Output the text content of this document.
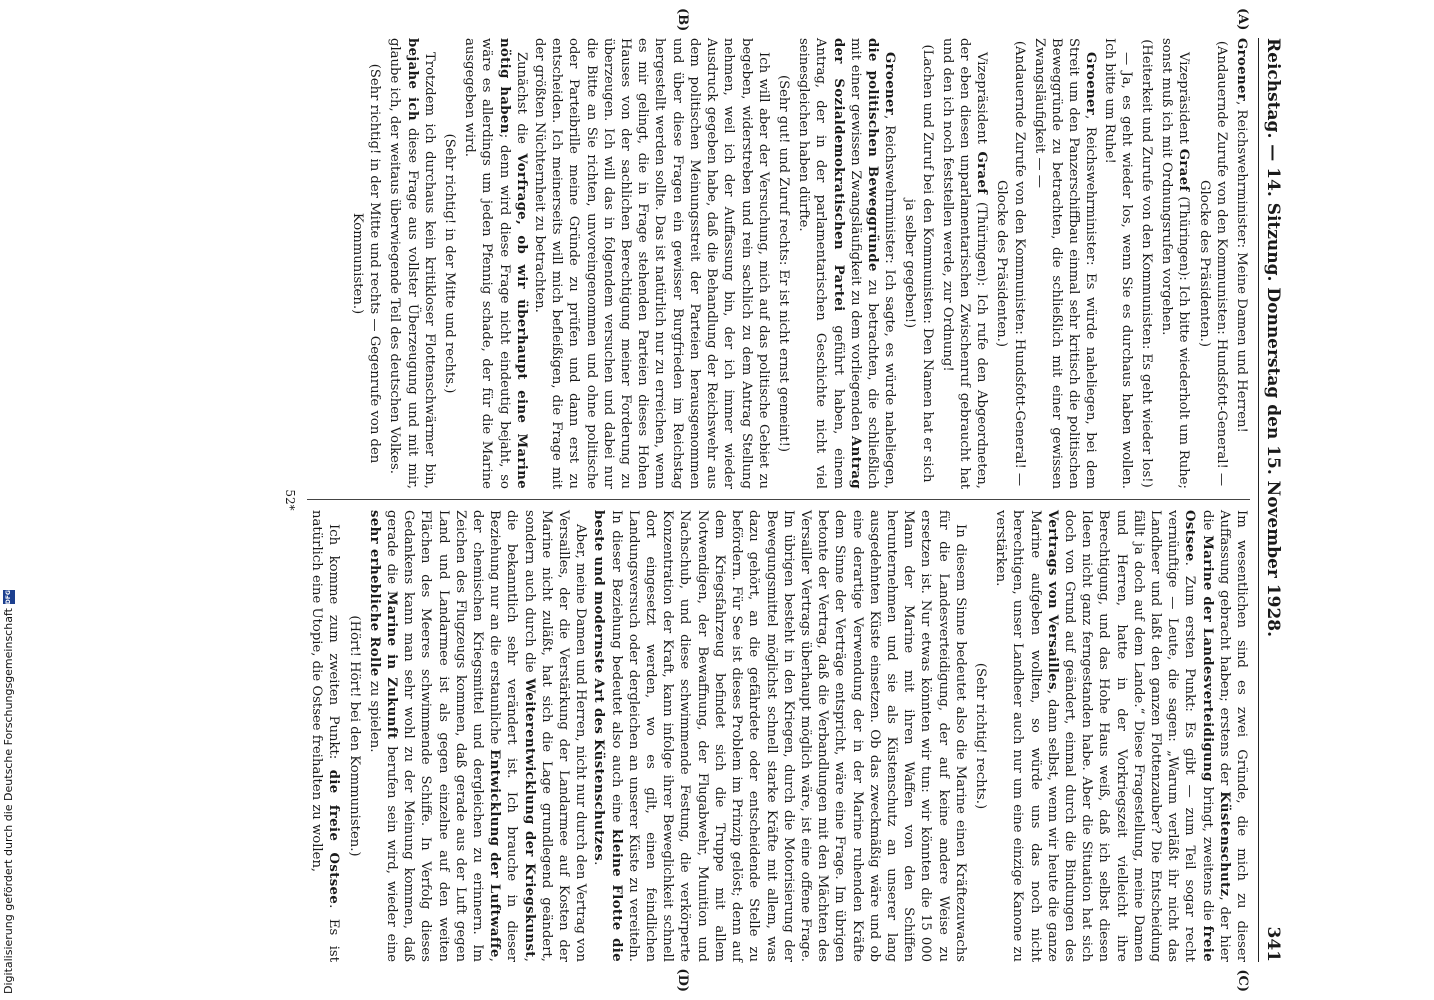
Reichstag. — 14. Sitzung. Donnerstag den 15. November 1928.
341
(A)
(B)
(C)
(D)

Groener, Reichswehrminister: Meine Damen und Herren!

(Andauernde Zurufe von den Kommunisten: Hundsfott-General! — Glocke des Präsidenten.)

Vizepräsident Graef (Thüringen): Ich bitte wiederholt um Ruhe; sonst muß ich mit Ordnungsrufen vorgehen.

(Heiterkeit und Zurufe von den Kommunisten: Es geht wieder los!)

— Ja, es geht wieder los, wenn Sie es durchaus haben wollen. Ich bitte um Ruhe!

Groener, Reichswehrminister: Es würde naheliegen, bei dem Streit um den Panzerschiffbau einmal sehr kritisch die politischen Beweggründe zu betrachten, die schließlich mit einer gewissen Zwangsläufigkeit — —

(Andauernde Zurufe von den Kommunisten: Hundsfott-General! — Glocke des Präsidenten.)

Vizepräsident Graef (Thüringen): Ich rufe den Abgeordneten, der eben diesen unparlamentarischen Zwischenruf gebraucht hat und den ich noch feststellen werde, zur Ordnung!

(Lachen und Zuruf bei den Kommunisten: Den Namen hat er sich ja selber gegeben!)

Groener, Reichswehrminister: Ich sagte, es würde naheliegen, die politischen Beweggründe zu betrachten, die schließlich mit einer gewissen Zwangsläufigkeit zu dem vorliegenden Antrag der Sozialdemokratischen Partei geführt haben, einem Antrag, der in der parlamentarischen Geschichte nicht viel seinesgleichen haben dürfte.

(Sehr gut! und Zuruf rechts: Er ist nicht ernst gemeint!)

Ich will aber der Versuchung, mich auf das politische Gebiet zu begeben, widerstreben und rein sachlich zu dem Antrag Stellung nehmen, weil ich der Auffassung bin, der ich immer wieder Ausdruck gegeben habe, daß die Behandlung der Reichswehr aus dem politischen Meinungsstreit der Parteien herausgenommen und über diese Fragen ein gewisser Burgfrieden im Reichstag hergestellt werden sollte. Das ist natürlich nur zu erreichen, wenn es mir gelingt, die in Frage stehenden Parteien dieses Hohen Hauses von der sachlichen Berechtigung meiner Forderung zu überzeugen. Ich will das in folgendem versuchen und dabei nur die Bitte an Sie richten, unvoreingenommen und ohne politische oder Parteibrille meine Gründe zu prüfen und dann erst zu entscheiden. Ich meinerseits will mich befleißigen, die Frage mit der größten Nüchternheit zu betrachten.

Zunächst die Vorfrage, ob wir überhaupt eine Marine nötig haben; denn wird diese Frage nicht eindeutig bejaht, so wäre es allerdings um jeden Pfennig schade, der für die Marine ausgegeben wird.

(Sehr richtig! in der Mitte und rechts.)

Trotzdem ich durchaus kein kritikloser Flottenschwärmer bin, bejahe ich diese Frage aus vollster Überzeugung und mit mir, glaube ich, der weitaus überwiegende Teil des deutschen Volkes.

(Sehr richtig! in der Mitte und rechts — Gegenrufe von den Kommunisten.)

Im wesentlichen sind es zwei Gründe, die mich zu dieser Auffassung gebracht haben; erstens der Küstenschutz, der hier die Marine der Landesverteidigung bringt, zweitens die freie Ostsee. Zum ersten Punkt: Es gibt — zum Teil sogar recht vernünftige — Leute, die sagen: „Warum verläßt ihr nicht das Landheer und laßt den ganzen Flottenzauber? Die Entscheidung fällt ja doch auf dem Lande.“ Diese Fragestellung, meine Damen und Herren, hatte in der Vorkriegszeit vielleicht ihre Berechtigung, und das Hohe Haus weiß, daß ich selbst diesen Ideen nicht ganz ferngestanden habe. Aber die Situation hat sich doch von Grund auf geändert, einmal durch die Bindungen des Vertrags von Versailles, dann selbst, wenn wir heute die ganze Marine aufgeben wollten, so würde uns das noch nicht berechtigen, unser Landheer auch nur um eine einzige Kanone zu verstärken.

(Sehr richtig! rechts.)

In diesem Sinne bedeutet also die Marine einen Kräftezuwachs für die Landesverteidigung, der auf keine andere Weise zu ersetzen ist. Nur etwas könnten wir tun: wir könnten die 15 000 Mann der Marine mit ihren Waffen von den Schiffen herunternehmen und sie als Küstenschutz an unserer lang ausgedehnten Küste einsetzen. Ob das zweckmäßig wäre und ob eine derartige Verwendung der in der Marine ruhenden Kräfte dem Sinne der Verträge entspricht, wäre eine Frage. Im übrigen betonte der Vertrag, daß die Verbandlungen mit den Mächten des Versailler Vertrags überhaupt möglich wäre, ist eine offene Frage. Im übrigen besteht in den Kriegen, durch die Motorisierung der Bewegungsmittel möglichst schnell starke Kräfte mit allem, was dazu gehört, an die gefährdete oder entscheidende Stelle zu befördern. Für See ist dieses Problem im Prinzip gelöst; denn auf dem Kriegsfahrzeug befindet sich die Truppe mit allem Notwendigen, der Bewaffnung, der Flugabwehr, Munition und Nachschub, und diese schwimmende Festung, die verkörperte Konzentration der Kraft, kann infolge ihrer Beweglichkeit schnell dort eingesetzt werden, wo es gilt, einen feindlichen Landungsversuch oder dergleichen an unserer Küste zu vereiteln. In dieser Beziehung bedeutet also auch eine kleine Flotte die beste und modernste Art des Küstenschutzes.

Aber, meine Damen und Herren, nicht nur durch den Vertrag von Versailles, der die Verstärkung der Landarmee auf Kosten der Marine nicht zuläßt, hat sich die Lage grundlegend geändert, sondern auch durch die Weiterentwicklung der Kriegskunst, die bekanntlich sehr verändert ist. Ich brauche in dieser Beziehung nur an die erstaunliche Entwicklung der Luftwaffe, der chemischen Kriegsmittel und dergleichen zu erinnern. Im Zeichen des Flugzeugs kommen, daß gerade aus der Luft gegen Land und Landarmee ist als gegen einzelne auf den weiten Flächen des Meeres schwimmende Schiffe. In Verfolg dieses Gedankens kann man sehr wohl zu der Meinung kommen, daß gerade die Marine in Zukunft berufen sein wird, wieder eine sehr erhebliche Rolle zu spielen.

(Hört! Hört! bei den Kommunisten.)

Ich komme zum zweiten Punkt: die freie Ostsee. Es ist natürlich eine Utopie, die Ostsee freihalten zu wollen,

52*
Digitalisierung gefördert durch die Deutsche Forschungsgemeinschaft
DFG
